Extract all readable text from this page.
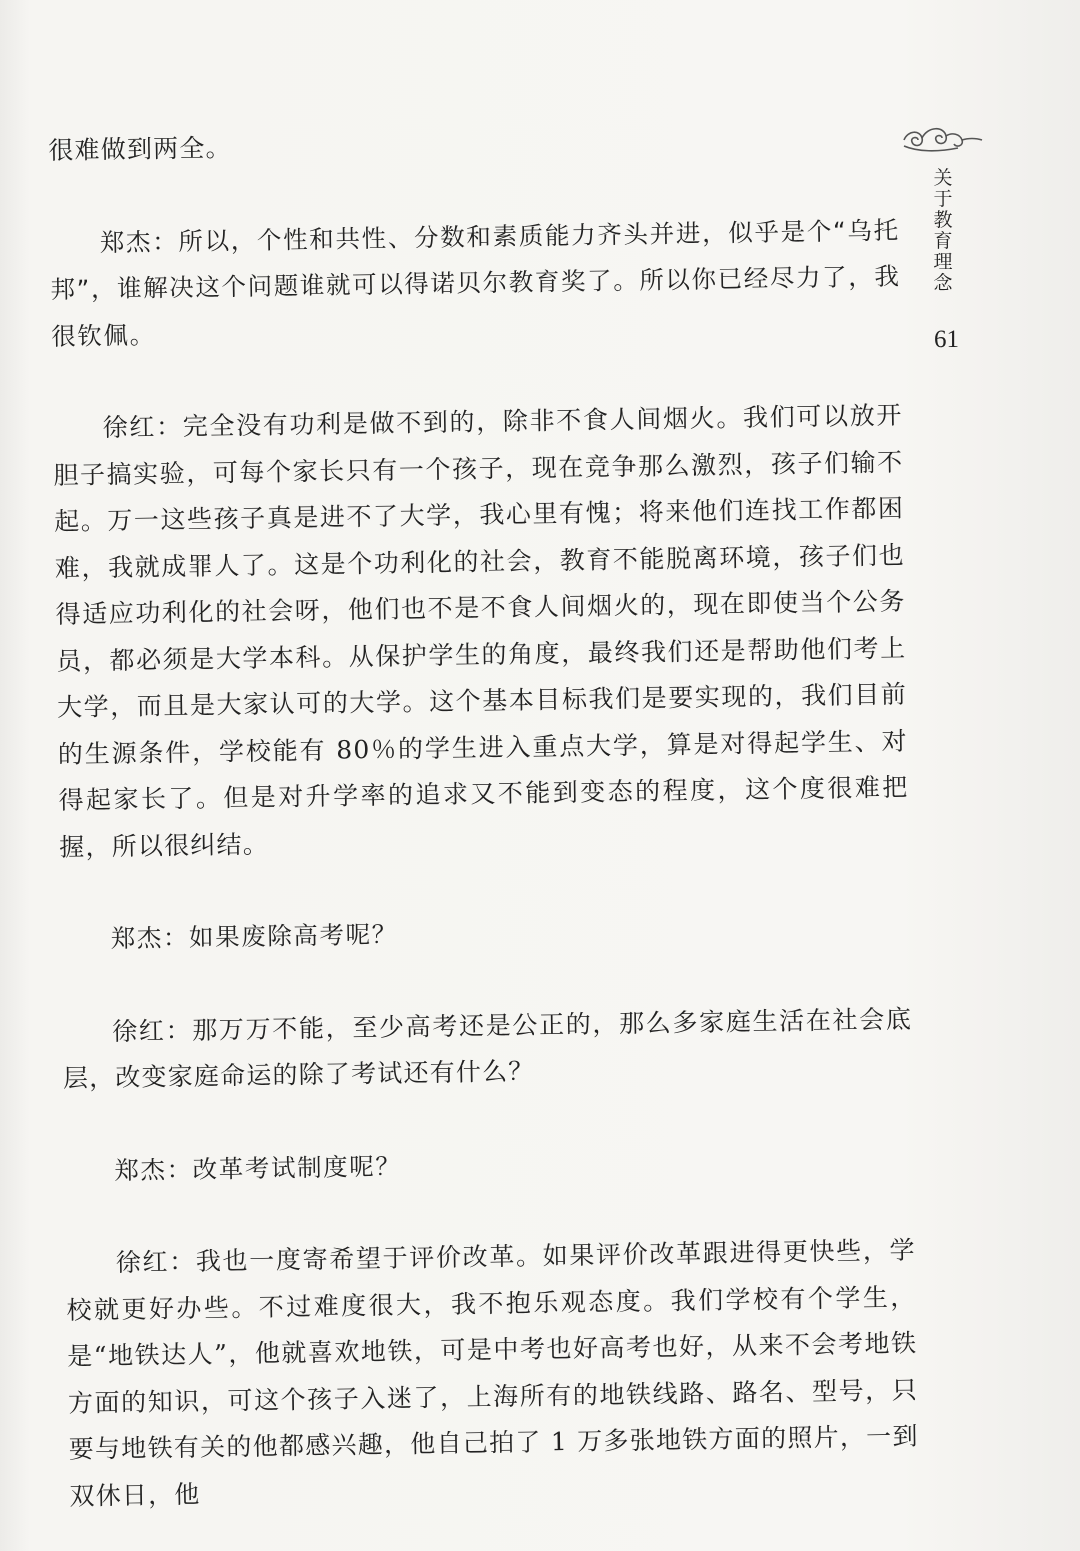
关
于
教
育
理
念
61

很难做到两全。

郑杰：所以，个性和共性、分数和素质能力齐头并进，似乎是个“乌托邦”，谁解决这个问题谁就可以得诺贝尔教育奖了。所以你已经尽力了，我很钦佩。

徐红：完全没有功利是做不到的，除非不食人间烟火。我们可以放开胆子搞实验，可每个家长只有一个孩子，现在竞争那么激烈，孩子们输不起。万一这些孩子真是进不了大学，我心里有愧；将来他们连找工作都困难，我就成罪人了。这是个功利化的社会，教育不能脱离环境，孩子们也得适应功利化的社会呀，他们也不是不食人间烟火的，现在即使当个公务员，都必须是大学本科。从保护学生的角度，最终我们还是帮助他们考上大学，而且是大家认可的大学。这个基本目标我们是要实现的，我们目前的生源条件，学校能有 80％的学生进入重点大学，算是对得起学生、对得起家长了。但是对升学率的追求又不能到变态的程度，这个度很难把握，所以很纠结。

郑杰：如果废除高考呢？

徐红：那万万不能，至少高考还是公正的，那么多家庭生活在社会底层，改变家庭命运的除了考试还有什么？

郑杰：改革考试制度呢？

徐红：我也一度寄希望于评价改革。如果评价改革跟进得更快些，学校就更好办些。不过难度很大，我不抱乐观态度。我们学校有个学生，是“地铁达人”，他就喜欢地铁，可是中考也好高考也好，从来不会考地铁方面的知识，可这个孩子入迷了，上海所有的地铁线路、路名、型号，只要与地铁有关的他都感兴趣，他自己拍了 1 万多张地铁方面的照片，一到双休日，他
